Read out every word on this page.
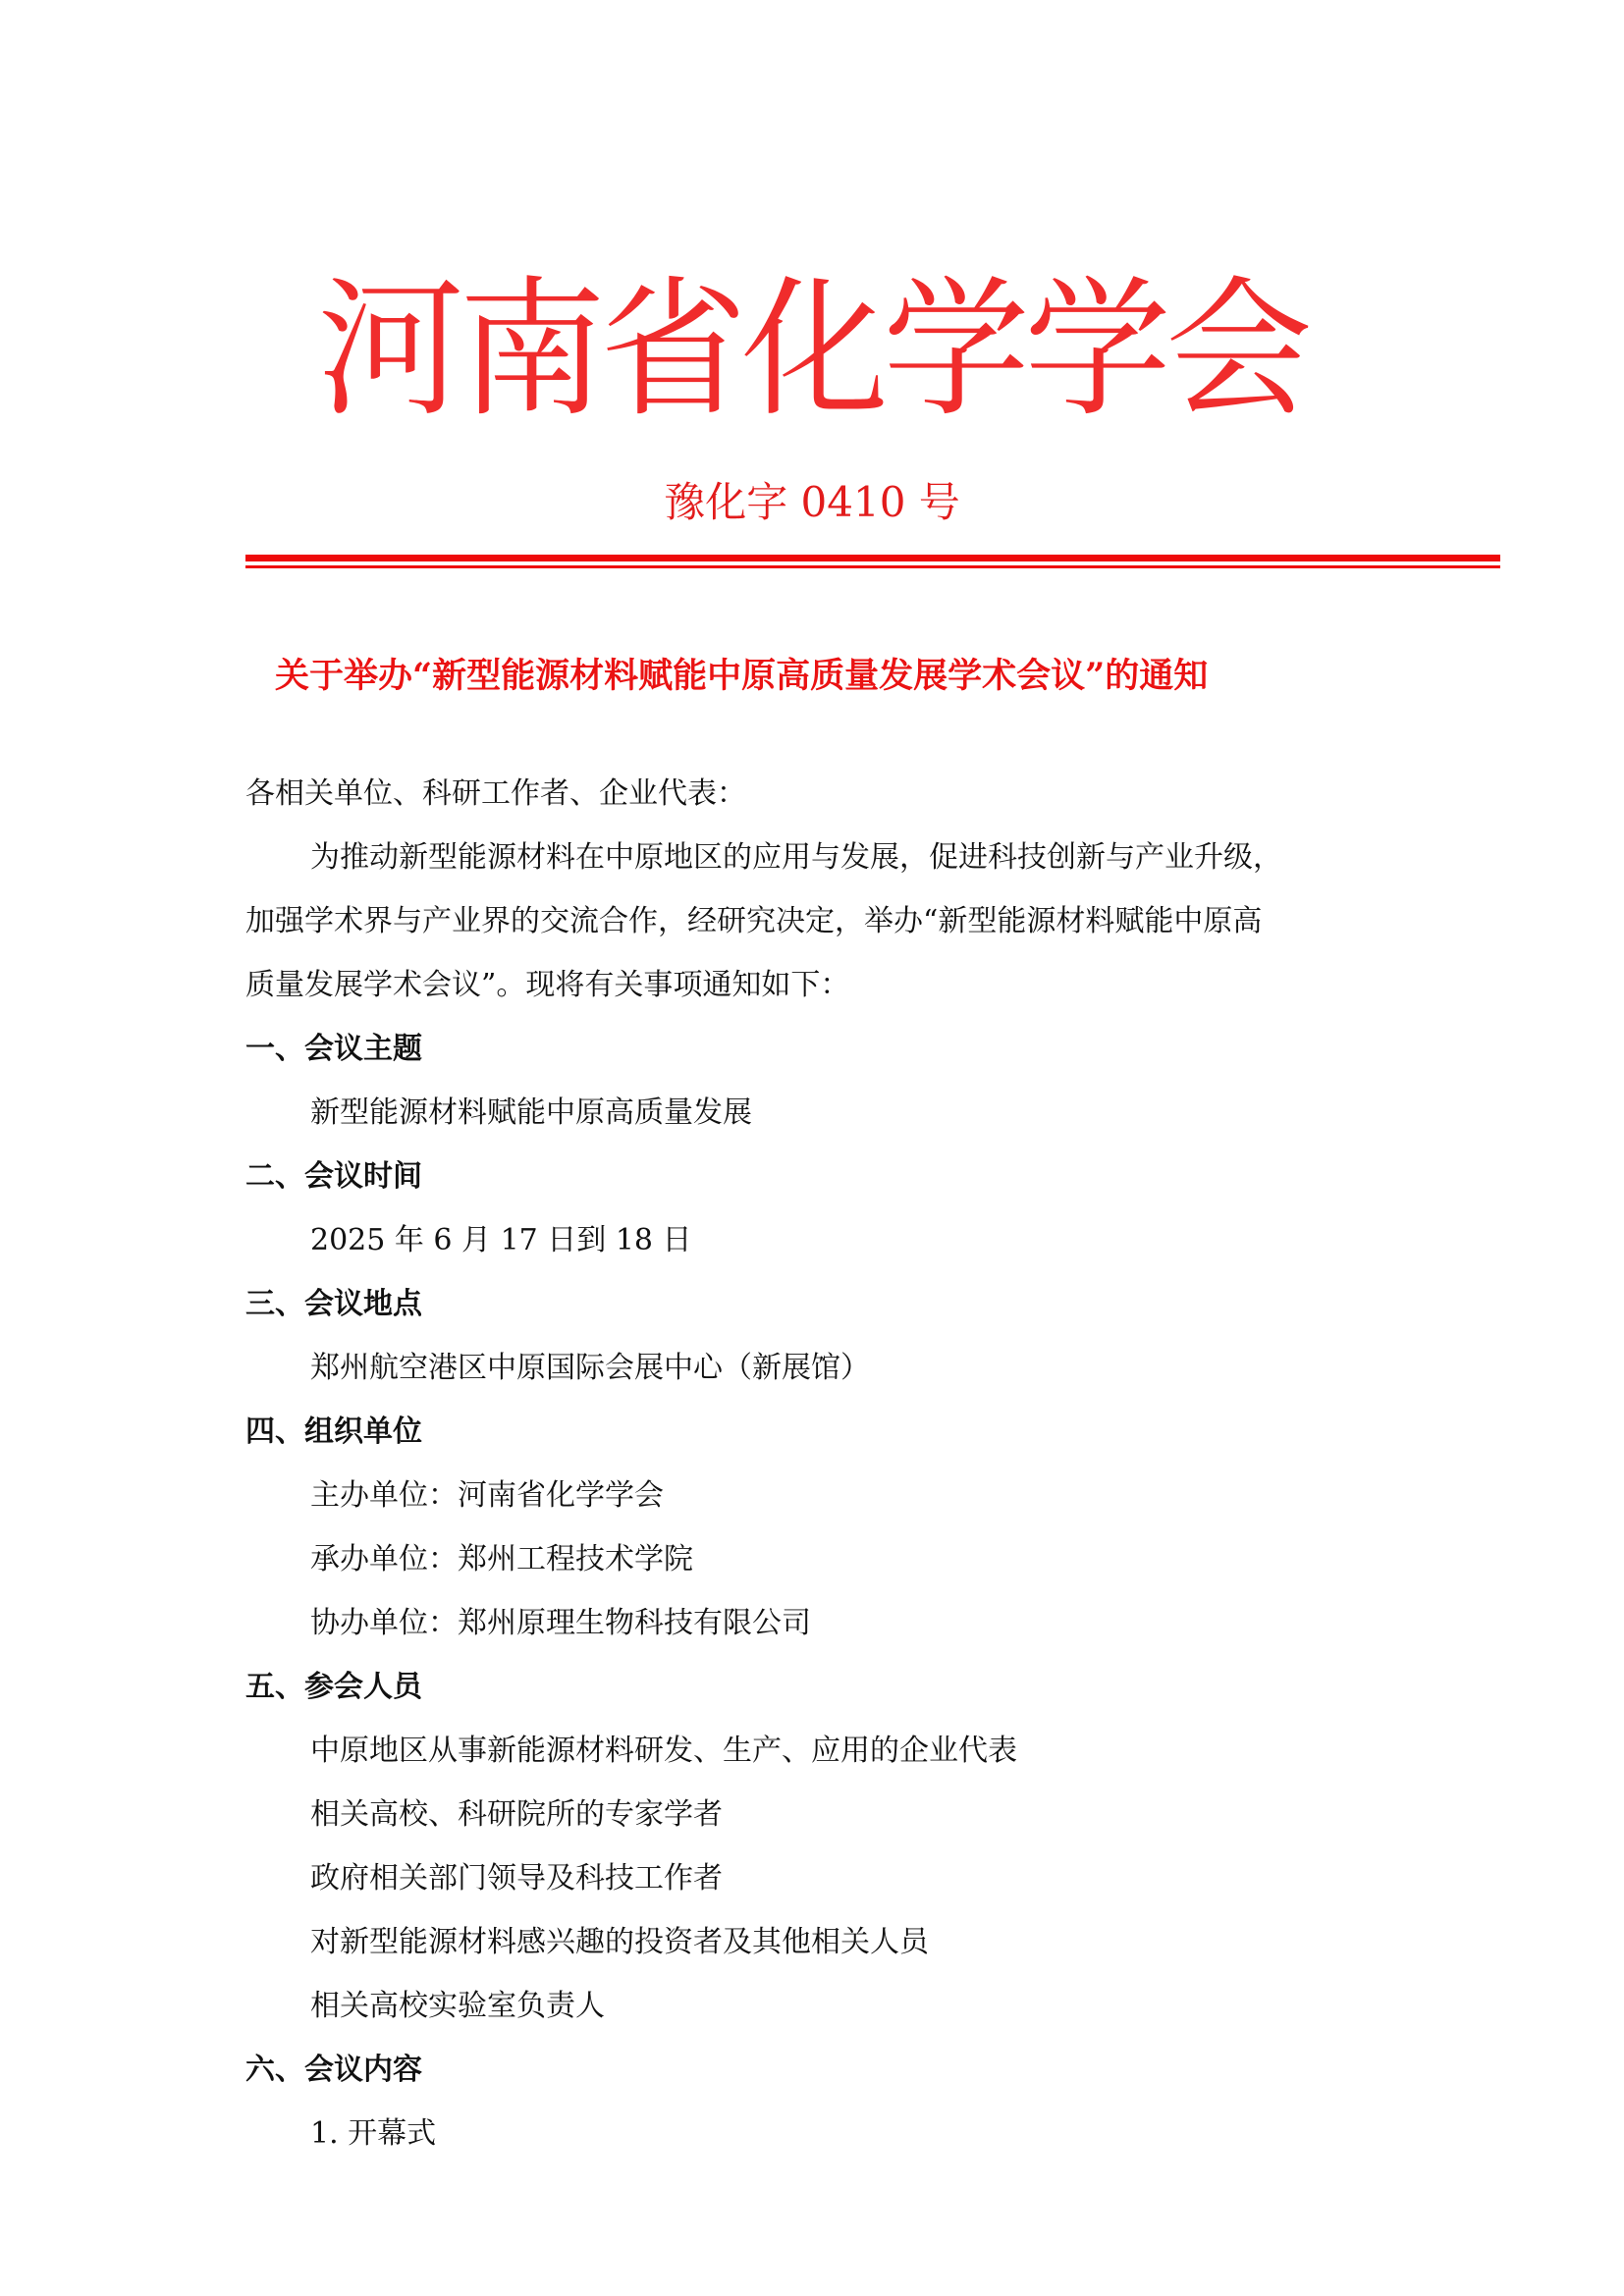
河南省化学学会
豫化字 0410 号
关于举办“新型能源材料赋能中原高质量发展学术会议”的通知
各相关单位、科研工作者、企业代表：
为推动新型能源材料在中原地区的应用与发展，促进科技创新与产业升级，
加强学术界与产业界的交流合作，经研究决定，举办“新型能源材料赋能中原高
质量发展学术会议”。现将有关事项通知如下：
一、会议主题
新型能源材料赋能中原高质量发展
二、会议时间
2025 年 6 月 17 日到 18 日
三、会议地点
郑州航空港区中原国际会展中心（新展馆）
四、组织单位
主办单位：河南省化学学会
承办单位：郑州工程技术学院
协办单位：郑州原理生物科技有限公司
五、参会人员
中原地区从事新能源材料研发、生产、应用的企业代表
相关高校、科研院所的专家学者
政府相关部门领导及科技工作者
对新型能源材料感兴趣的投资者及其他相关人员
相关高校实验室负责人
六、会议内容
1. 开幕式
